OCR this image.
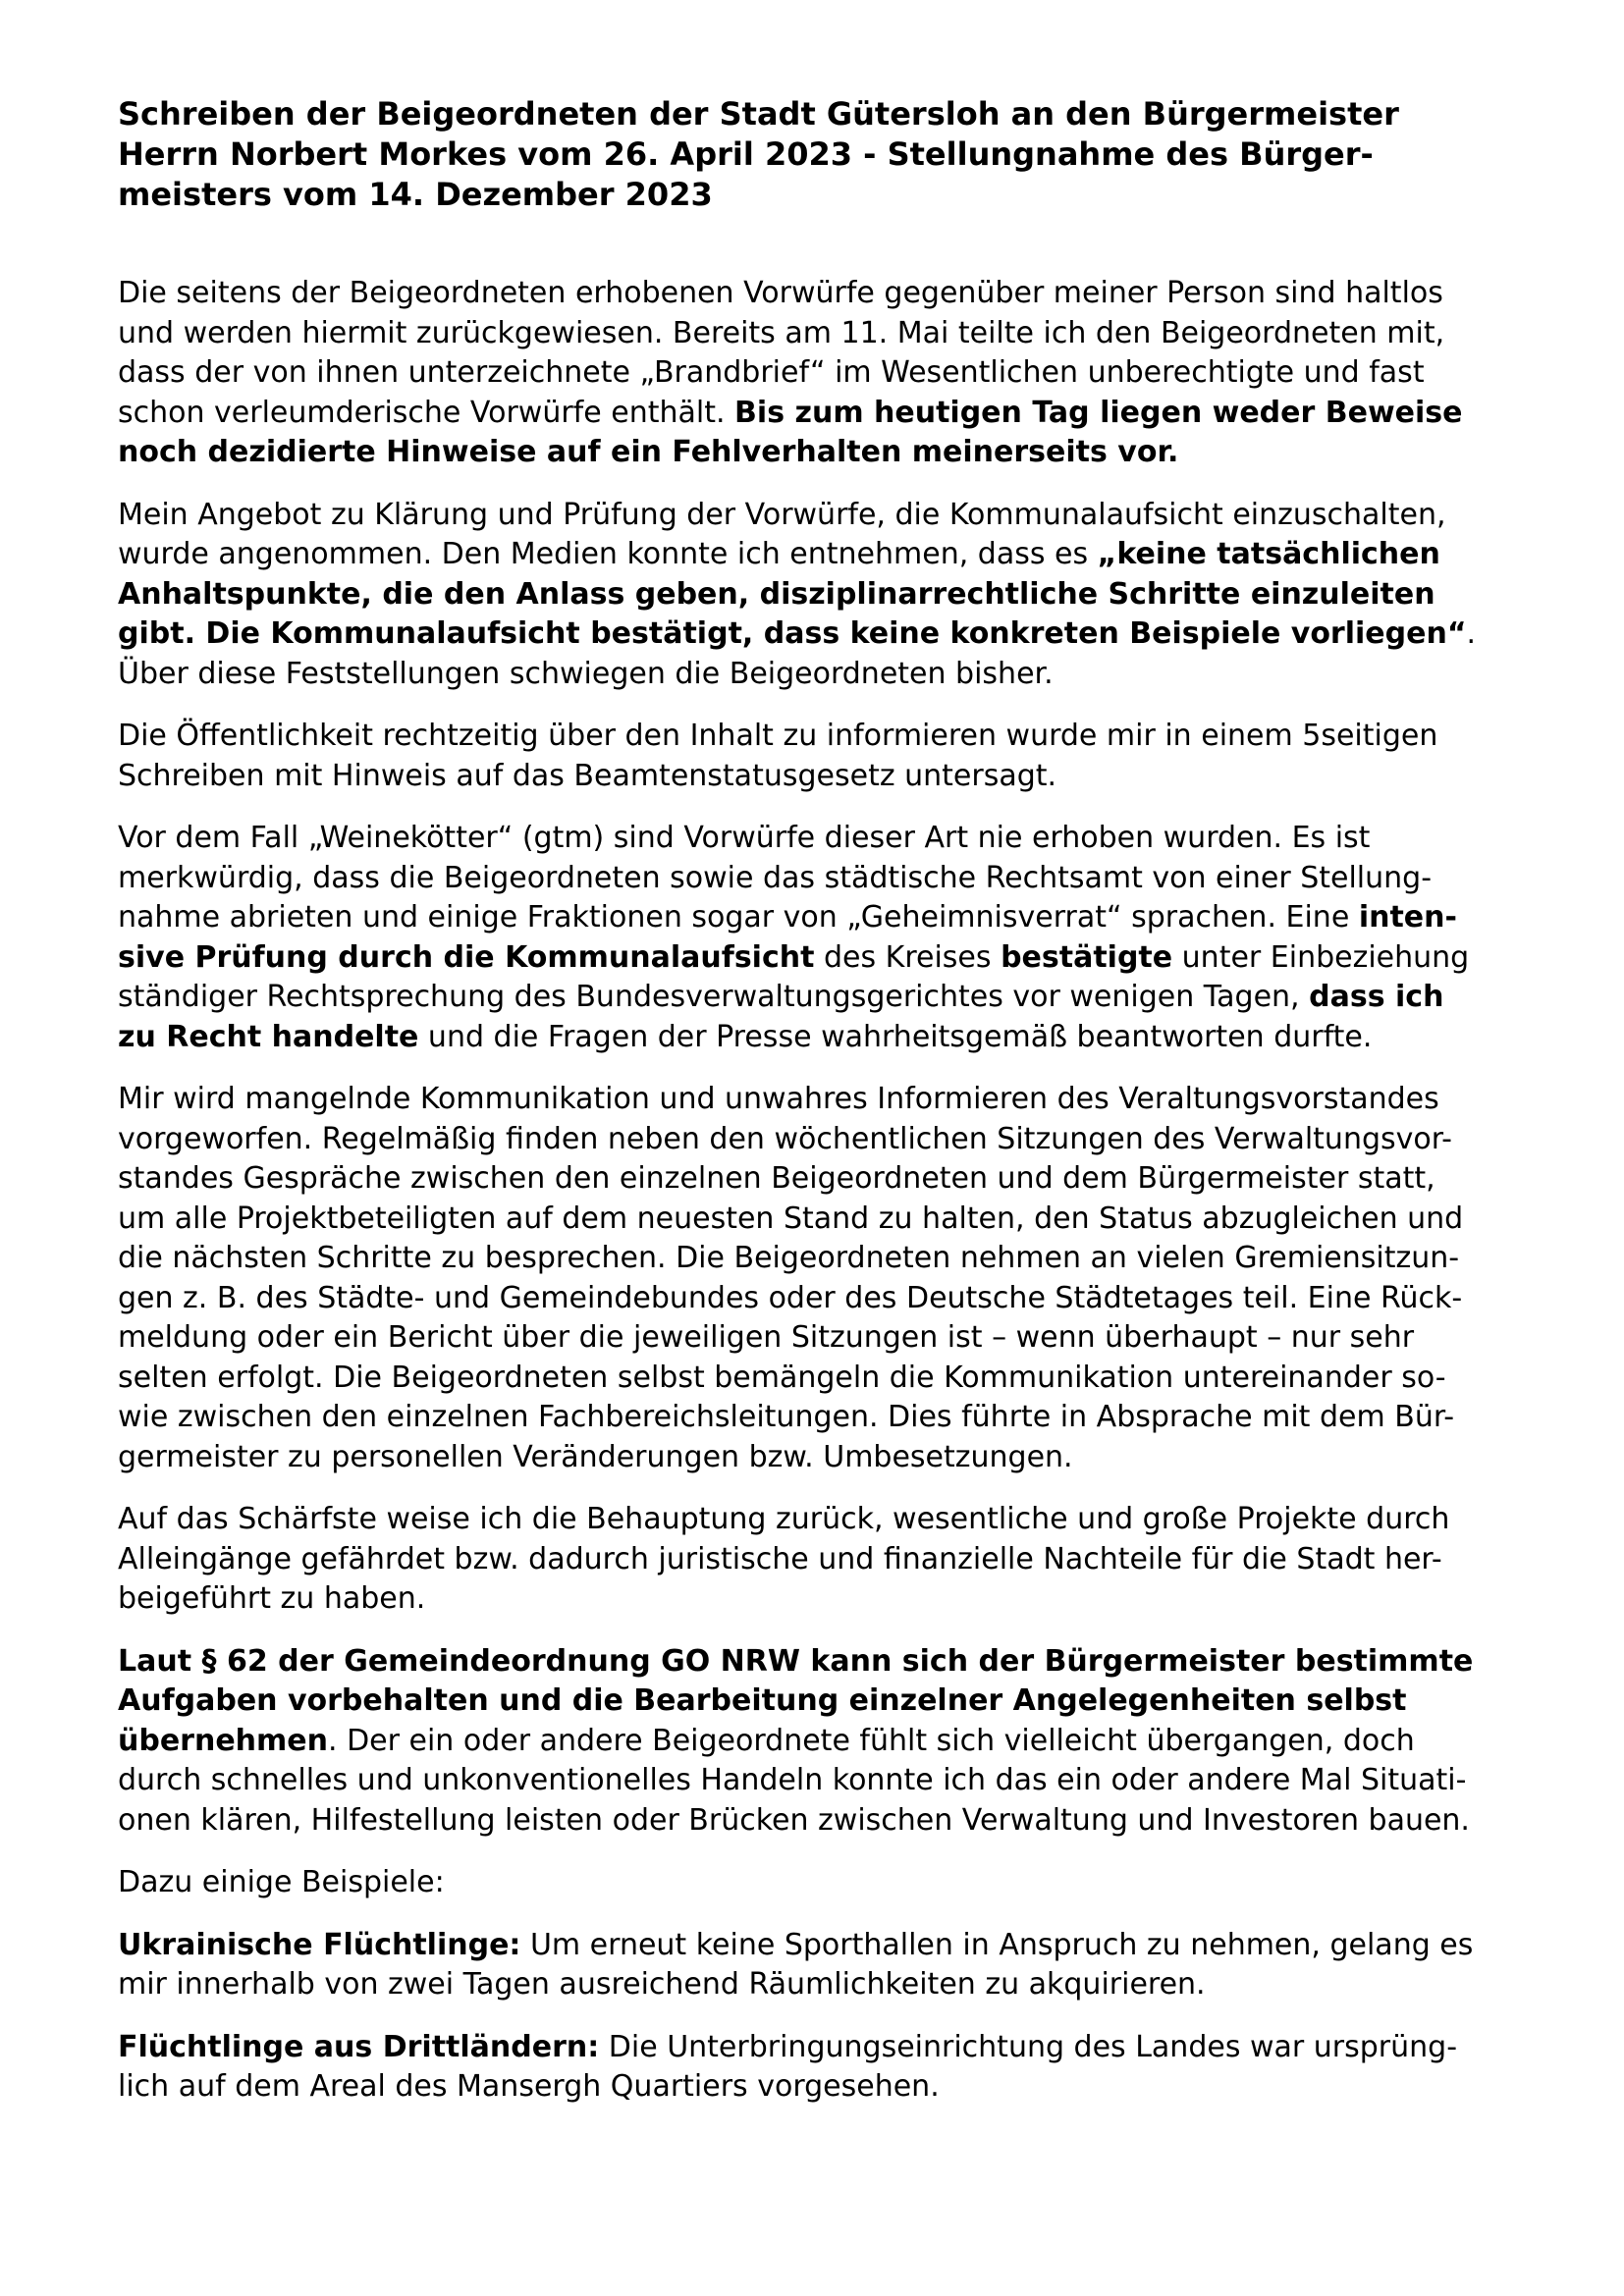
Schreiben der Beigeordneten der Stadt Gütersloh an den Bürgermeister
Herrn Norbert Morkes vom 26. April 2023 - Stellungnahme des Bürger-
meisters vom 14. Dezember 2023

Die seitens der Beigeordneten erhobenen Vorwürfe gegenüber meiner Person sind haltlos
und werden hiermit zurückgewiesen. Bereits am 11. Mai teilte ich den Beigeordneten mit,
dass der von ihnen unterzeichnete „Brandbrief“ im Wesentlichen unberechtigte und fast
schon verleumderische Vorwürfe enthält. Bis zum heutigen Tag liegen weder Beweise
noch dezidierte Hinweise auf ein Fehlverhalten meinerseits vor.

Mein Angebot zu Klärung und Prüfung der Vorwürfe, die Kommunalaufsicht einzuschalten,
wurde angenommen. Den Medien konnte ich entnehmen, dass es „keine tatsächlichen
Anhaltspunkte, die den Anlass geben, disziplinarrechtliche Schritte einzuleiten
gibt. Die Kommunalaufsicht bestätigt, dass keine konkreten Beispiele vorliegen“.
Über diese Feststellungen schwiegen die Beigeordneten bisher.

Die Öffentlichkeit rechtzeitig über den Inhalt zu informieren wurde mir in einem 5seitigen
Schreiben mit Hinweis auf das Beamtenstatusgesetz untersagt.

Vor dem Fall „Weinekötter“ (gtm) sind Vorwürfe dieser Art nie erhoben wurden. Es ist
merkwürdig, dass die Beigeordneten sowie das städtische Rechtsamt von einer Stellung-
nahme abrieten und einige Fraktionen sogar von „Geheimnisverrat“ sprachen. Eine inten-
sive Prüfung durch die Kommunalaufsicht des Kreises bestätigte unter Einbeziehung
ständiger Rechtsprechung des Bundesverwaltungsgerichtes vor wenigen Tagen, dass ich
zu Recht handelte und die Fragen der Presse wahrheitsgemäß beantworten durfte.

Mir wird mangelnde Kommunikation und unwahres Informieren des Veraltungsvorstandes
vorgeworfen. Regelmäßig finden neben den wöchentlichen Sitzungen des Verwaltungsvor-
standes Gespräche zwischen den einzelnen Beigeordneten und dem Bürgermeister statt,
um alle Projektbeteiligten auf dem neuesten Stand zu halten, den Status abzugleichen und
die nächsten Schritte zu besprechen. Die Beigeordneten nehmen an vielen Gremiensitzun-
gen z. B. des Städte- und Gemeindebundes oder des Deutsche Städtetages teil. Eine Rück-
meldung oder ein Bericht über die jeweiligen Sitzungen ist – wenn überhaupt – nur sehr
selten erfolgt. Die Beigeordneten selbst bemängeln die Kommunikation untereinander so-
wie zwischen den einzelnen Fachbereichsleitungen. Dies führte in Absprache mit dem Bür-
germeister zu personellen Veränderungen bzw. Umbesetzungen.

Auf das Schärfste weise ich die Behauptung zurück, wesentliche und große Projekte durch
Alleingänge gefährdet bzw. dadurch juristische und finanzielle Nachteile für die Stadt her-
beigeführt zu haben.

Laut § 62 der Gemeindeordnung GO NRW kann sich der Bürgermeister bestimmte
Aufgaben vorbehalten und die Bearbeitung einzelner Angelegenheiten selbst
übernehmen. Der ein oder andere Beigeordnete fühlt sich vielleicht übergangen, doch
durch schnelles und unkonventionelles Handeln konnte ich das ein oder andere Mal Situati-
onen klären, Hilfestellung leisten oder Brücken zwischen Verwaltung und Investoren bauen.

Dazu einige Beispiele:

Ukrainische Flüchtlinge: Um erneut keine Sporthallen in Anspruch zu nehmen, gelang es
mir innerhalb von zwei Tagen ausreichend Räumlichkeiten zu akquirieren.

Flüchtlinge aus Drittländern: Die Unterbringungseinrichtung des Landes war ursprüng-
lich auf dem Areal des Mansergh Quartiers vorgesehen.
